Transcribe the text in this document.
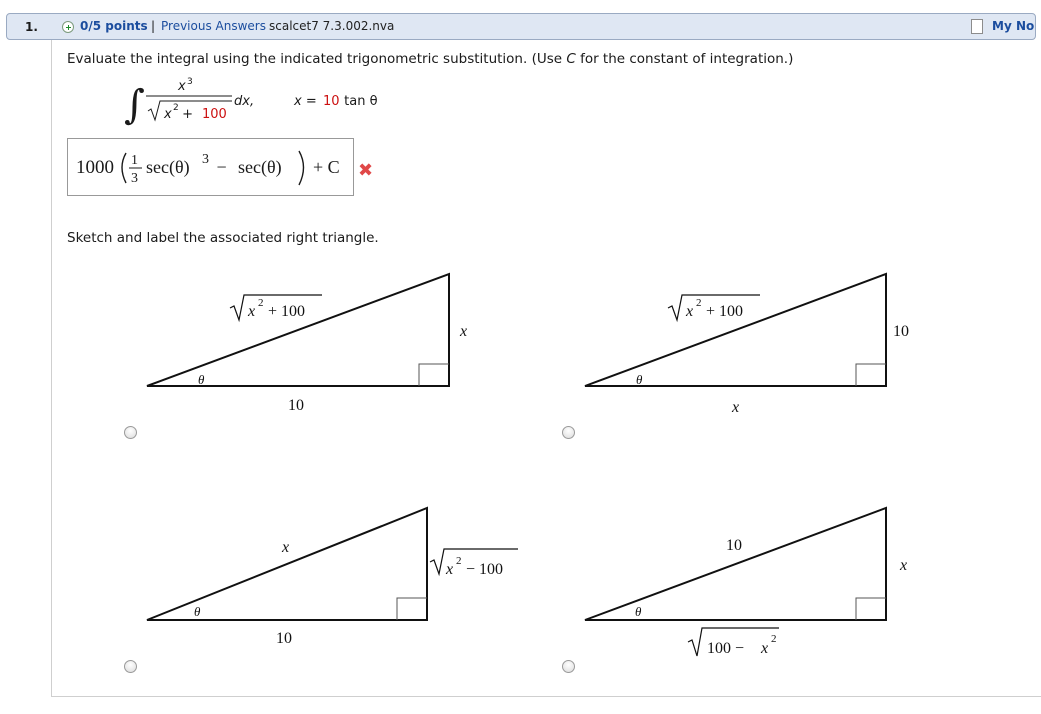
1.	0/5 points | Previous Answers scalcet7 7.3.002.nva	My No
Evaluate the integral using the indicated trigonometric substitution. (Use C for the constant of integration.)
∫	x 3
x 2 + 100
dx,	x = 10 tan θ
1000 1
3
sec(θ) 3 − sec(θ) + C ✖
Sketch and label the associated right triangle.
x 2 + 100
x
10
θ
x 2 + 100
10
x
θ
x
x 2 − 100
10
θ
10
x
100 − x
2
θ
